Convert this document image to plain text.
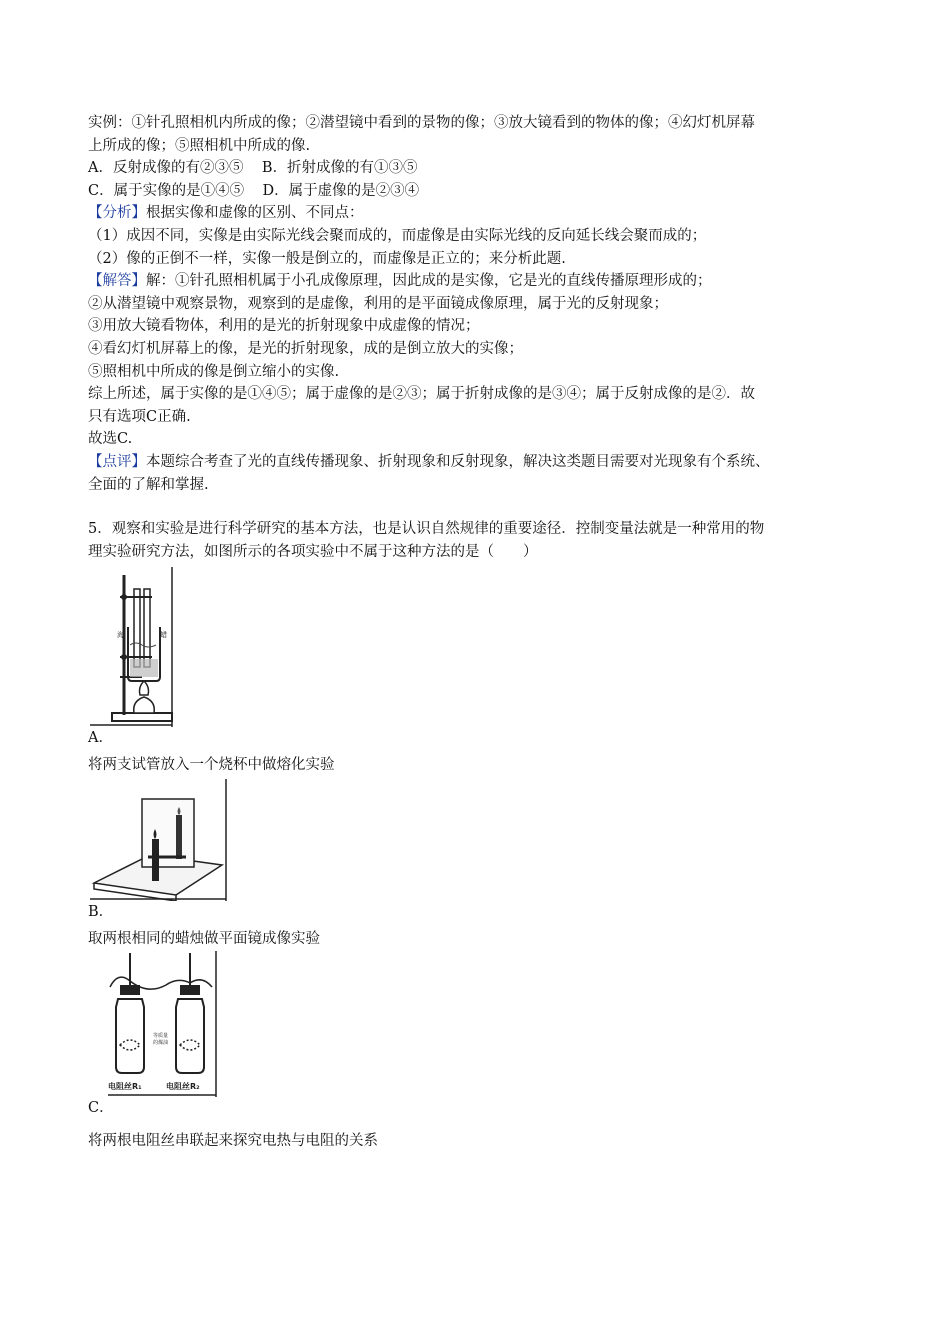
实例：①针孔照相机内所成的像；②潜望镜中看到的景物的像；③放大镜看到的物体的像；④幻灯机屏幕
上所成的像；⑤照相机中所成的像.
A．反射成像的有②③⑤    B．折射成像的有①③⑤
C．属于实像的是①④⑤    D．属于虚像的是②③④
【分析】根据实像和虚像的区别、不同点：
（1）成因不同，实像是由实际光线会聚而成的，而虚像是由实际光线的反向延长线会聚而成的；
（2）像的正倒不一样，实像一般是倒立的，而虚像是正立的；来分析此题.
【解答】解：①针孔照相机属于小孔成像原理，因此成的是实像，它是光的直线传播原理形成的；
②从潜望镜中观察景物，观察到的是虚像，利用的是平面镜成像原理，属于光的反射现象；
③用放大镜看物体，利用的是光的折射现象中成虚像的情况；
④看幻灯机屏幕上的像，是光的折射现象，成的是倒立放大的实像；
⑤照相机中所成的像是倒立缩小的实像.
综上所述，属于实像的是①④⑤；属于虚像的是②③；属于折射成像的是③④；属于反射成像的是②．故
只有选项C正确.
故选C.
【点评】本题综合考查了光的直线传播现象、折射现象和反射现象，解决这类题目需要对光现象有个系统、
全面的了解和掌握.
5．观察和实验是进行科学研究的基本方法，也是认识自然规律的重要途径．控制变量法就是一种常用的物
理实验研究方法，如图所示的各项实验中不属于这种方法的是（　　）
海	蜡
A．
将两支试管放入一个烧杯中做熔化实验
B．
取两根相同的蜡烛做平面镜成像实验
等质量
的煤油
电阻丝R₁	电阻丝R₂
C．
将两根电阻丝串联起来探究电热与电阻的关系
